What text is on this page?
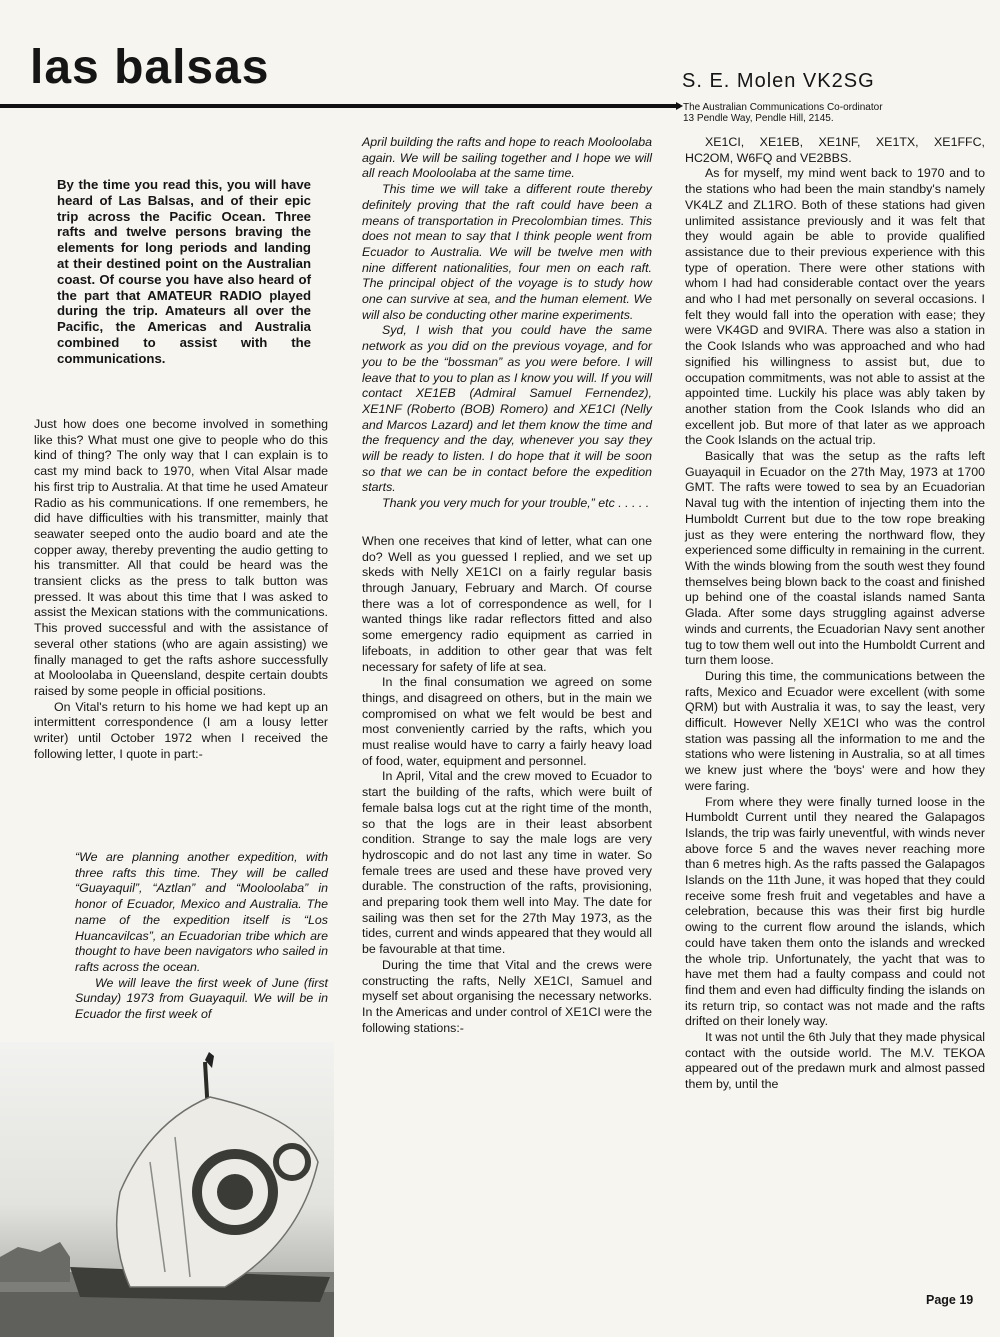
las balsas	S. E. Molen VK2SG
The Australian Communications Co-ordinator
13 Pendle Way, Pendle Hill, 2145.

By the time you read this, you will have heard of Las Balsas, and of their epic trip across the Pacific Ocean. Three rafts and twelve persons braving the elements for long periods and landing at their destined point on the Australian coast. Of course you have also heard of the part that AMATEUR RADIO played during the trip. Amateurs all over the Pacific, the Americas and Australia combined to assist with the communications.

Just how does one become involved in something like this? What must one give to people who do this kind of thing? The only way that I can explain is to cast my mind back to 1970, when Vital Alsar made his first trip to Australia. At that time he used Amateur Radio as his communications. If one remembers, he did have difficulties with his transmitter, mainly that seawater seeped onto the audio board and ate the copper away, thereby preventing the audio getting to his transmitter. All that could be heard was the transient clicks as the press to talk button was pressed. It was about this time that I was asked to assist the Mexican stations with the communications. This proved successful and with the assistance of several other stations (who are again assisting) we finally managed to get the rafts ashore successfully at Mooloolaba in Queensland, despite certain doubts raised by some people in official positions.

On Vital's return to his home we had kept up an intermittent correspondence (I am a lousy letter writer) until October 1972 when I received the following letter, I quote in part:-

“We are planning another expedition, with three rafts this time. They will be called “Guayaquil”, “Aztlan” and “Mooloolaba” in honor of Ecuador, Mexico and Australia. The name of the expedition itself is “Los Huancavilcas”, an Ecuadorian tribe which are thought to have been navigators who sailed in rafts across the ocean.

We will leave the first week of June (first Sunday) 1973 from Guayaquil. We will be in Ecuador the first week of

April building the rafts and hope to reach Mooloolaba again. We will be sailing together and I hope we will all reach Mooloolaba at the same time.

This time we will take a different route thereby definitely proving that the raft could have been a means of transportation in Precolombian times. This does not mean to say that I think people went from Ecuador to Australia. We will be twelve men with nine different nationalities, four men on each raft. The principal object of the voyage is to study how one can survive at sea, and the human element. We will also be conducting other marine experiments.

Syd, I wish that you could have the same network as you did on the previous voyage, and for you to be the “bossman” as you were before. I will leave that to you to plan as I know you will. If you will contact XE1EB (Admiral Samuel Fernendez), XE1NF (Roberto (BOB) Romero) and XE1CI (Nelly and Marcos Lazard) and let them know the time and the frequency and the day, whenever you say they will be ready to listen. I do hope that it will be soon so that we can be in contact before the expedition starts.

Thank you very much for your trouble,” etc . . . . .

When one receives that kind of letter, what can one do? Well as you guessed I replied, and we set up skeds with Nelly XE1CI on a fairly regular basis through January, February and March. Of course there was a lot of correspondence as well, for I wanted things like radar reflectors fitted and also some emergency radio equipment as carried in lifeboats, in addition to other gear that was felt necessary for safety of life at sea.

In the final consumation we agreed on some things, and disagreed on others, but in the main we compromised on what we felt would be best and most conveniently carried by the rafts, which you must realise would have to carry a fairly heavy load of food, water, equipment and personnel.

In April, Vital and the crew moved to Ecuador to start the building of the rafts, which were built of female balsa logs cut at the right time of the month, so that the logs are in their least absorbent condition. Strange to say the male logs are very hydroscopic and do not last any time in water. So female trees are used and these have proved very durable. The construction of the rafts, provisioning, and preparing took them well into May. The date for sailing was then set for the 27th May 1973, as the tides, current and winds appeared that they would all be favourable at that time.

During the time that Vital and the crews were constructing the rafts, Nelly XE1CI, Samuel and myself set about organising the necessary networks. In the Americas and under control of XE1CI were the following stations:-

XE1CI, XE1EB, XE1NF, XE1TX, XE1FFC, HC2OM, W6FQ and VE2BBS.

As for myself, my mind went back to 1970 and to the stations who had been the main standby's namely VK4LZ and ZL1RO. Both of these stations had given unlimited assistance previously and it was felt that they would again be able to provide qualified assistance due to their previous experience with this type of operation. There were other stations with whom I had had considerable contact over the years and who I had met personally on several occasions. I felt they would fall into the operation with ease; they were VK4GD and 9VIRA. There was also a station in the Cook Islands who was approached and who had signified his willingness to assist but, due to occupation commitments, was not able to assist at the appointed time. Luckily his place was ably taken by another station from the Cook Islands who did an excellent job. But more of that later as we approach the Cook Islands on the actual trip.

Basically that was the setup as the rafts left Guayaquil in Ecuador on the 27th May, 1973 at 1700 GMT. The rafts were towed to sea by an Ecuadorian Naval tug with the intention of injecting them into the Humboldt Current but due to the tow rope breaking just as they were entering the northward flow, they experienced some difficulty in remaining in the current. With the winds blowing from the south west they found themselves being blown back to the coast and finished up behind one of the coastal islands named Santa Glada. After some days struggling against adverse winds and currents, the Ecuadorian Navy sent another tug to tow them well out into the Humboldt Current and turn them loose.

During this time, the communications between the rafts, Mexico and Ecuador were excellent (with some QRM) but with Australia it was, to say the least, very difficult. However Nelly XE1CI who was the control station was passing all the information to me and the stations who were listening in Australia, so at all times we knew just where the 'boys' were and how they were faring.

From where they were finally turned loose in the Humboldt Current until they neared the Galapagos Islands, the trip was fairly uneventful, with winds never above force 5 and the waves never reaching more than 6 metres high. As the rafts passed the Galapagos Islands on the 11th June, it was hoped that they could receive some fresh fruit and vegetables and have a celebration, because this was their first big hurdle owing to the current flow around the islands, which could have taken them onto the islands and wrecked the whole trip. Unfortunately, the yacht that was to have met them had a faulty compass and could not find them and even had difficulty finding the islands on its return trip, so contact was not made and the rafts drifted on their lonely way.

It was not until the 6th July that they made physical contact with the outside world. The M.V. TEKOA appeared out of the predawn murk and almost passed them by, until the

Page 19
